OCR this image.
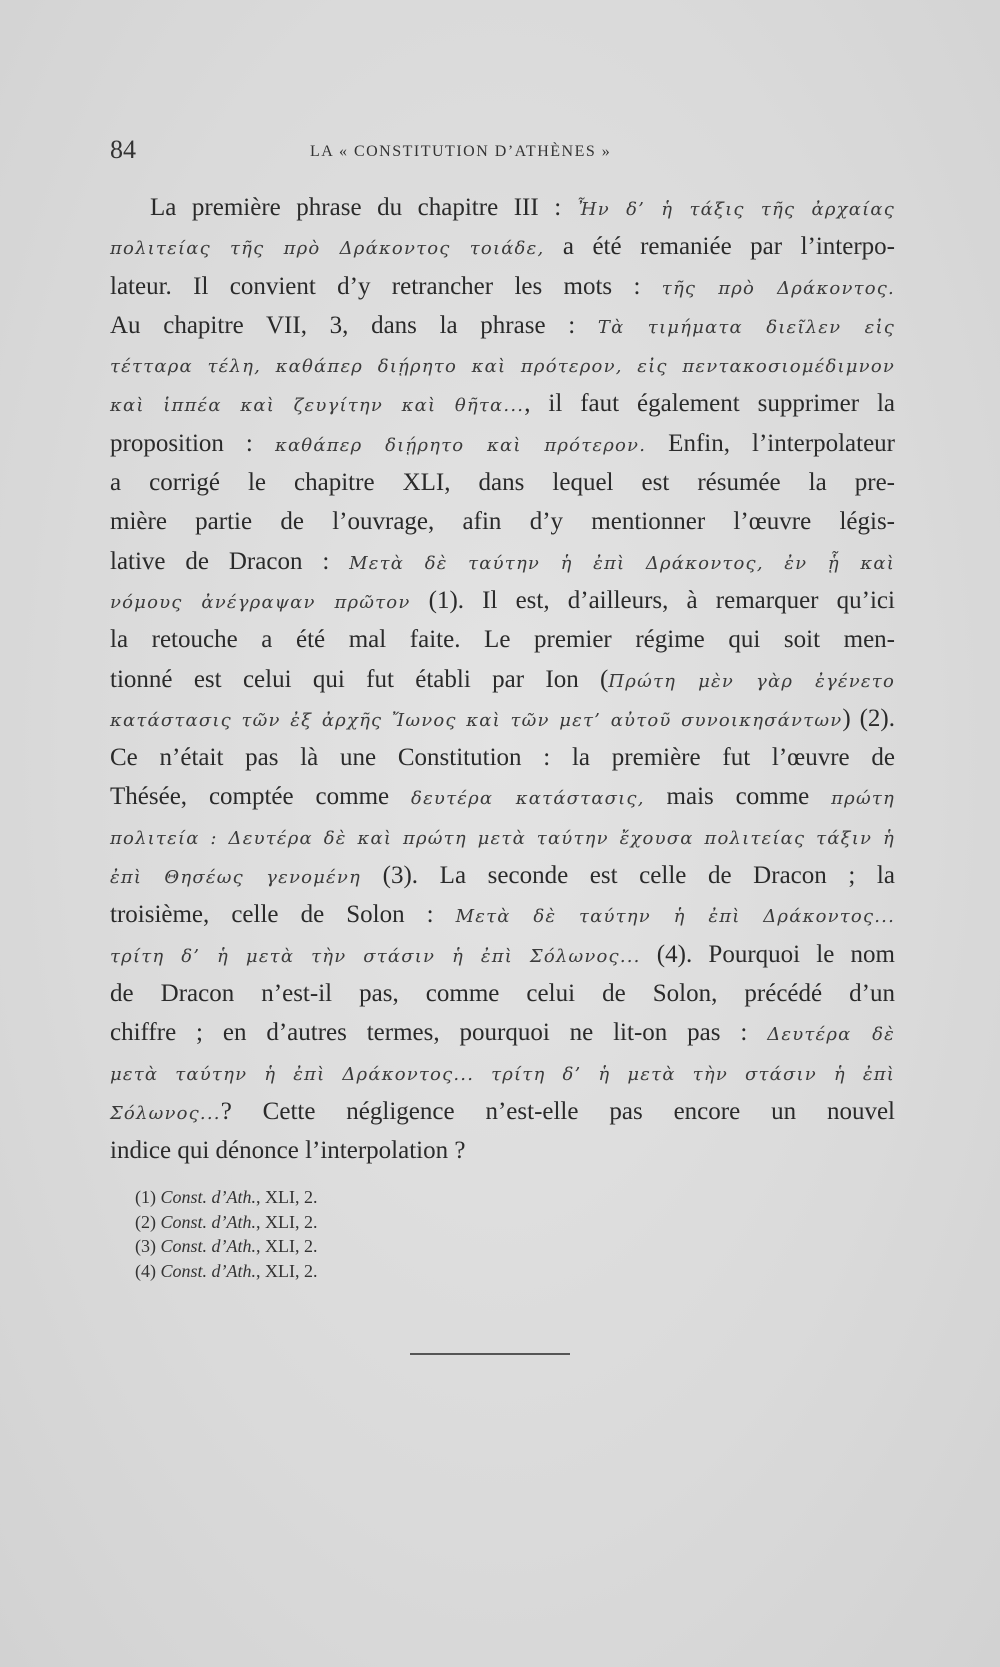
84	LA « CONSTITUTION D’ATHÈNES »
La première phrase du chapitre III : Ἦν δ’ ἡ τάξις τῆς ἀρχαίας
πολιτείας τῆς πρὸ Δράκοντος τοιάδε, a été remaniée par l’interpo-
lateur. Il convient d’y retrancher les mots : τῆς πρὸ Δράκοντος.
Au chapitre VII, 3, dans la phrase : Τὰ τιμήματα διεῖλεν εἰς
τέτταρα τέλη, καθάπερ διῄρητο καὶ πρότερον, εἰς πεντακοσιομέδιμνον
καὶ ἱππέα καὶ ζευγίτην καὶ θῆτα..., il faut également supprimer la
proposition : καθάπερ διῄρητο καὶ πρότερον. Enfin, l’interpolateur
a corrigé le chapitre XLI, dans lequel est résumée la pre-
mière partie de l’ouvrage, afin d’y mentionner l’œuvre légis-
lative de Dracon : Μετὰ δὲ ταύτην ἡ ἐπὶ Δράκοντος, ἐν ᾗ καὶ
νόμους ἀνέγραψαν πρῶτον (1). Il est, d’ailleurs, à remarquer qu’ici
la retouche a été mal faite. Le premier régime qui soit men-
tionné est celui qui fut établi par Ion (Πρώτη μὲν γὰρ ἐγένετο
κατάστασις τῶν ἐξ ἀρχῆς Ἴωνος καὶ τῶν μετ’ αὐτοῦ συνοικησάντων) (2).
Ce n’était pas là une Constitution : la première fut l’œuvre de
Thésée, comptée comme δευτέρα κατάστασις, mais comme πρώτη
πολιτεία : Δευτέρα δὲ καὶ πρώτη μετὰ ταύτην ἔχουσα πολιτείας τάξιν ἡ
ἐπὶ Θησέως γενομένη (3). La seconde est celle de Dracon ; la
troisième, celle de Solon : Μετὰ δὲ ταύτην ἡ ἐπὶ Δράκοντος...
τρίτη δ’ ἡ μετὰ τὴν στάσιν ἡ ἐπὶ Σόλωνος... (4). Pourquoi le nom
de Dracon n’est-il pas, comme celui de Solon, précédé d’un
chiffre ; en d’autres termes, pourquoi ne lit-on pas : Δευτέρα δὲ
μετὰ ταύτην ἡ ἐπὶ Δράκοντος... τρίτη δ’ ἡ μετὰ τὴν στάσιν ἡ ἐπὶ
Σόλωνος...? Cette négligence n’est-elle pas encore un nouvel
indice qui dénonce l’interpolation ?
(1) Const. d’Ath., XLI, 2.
(2) Const. d’Ath., XLI, 2.
(3) Const. d’Ath., XLI, 2.
(4) Const. d’Ath., XLI, 2.
